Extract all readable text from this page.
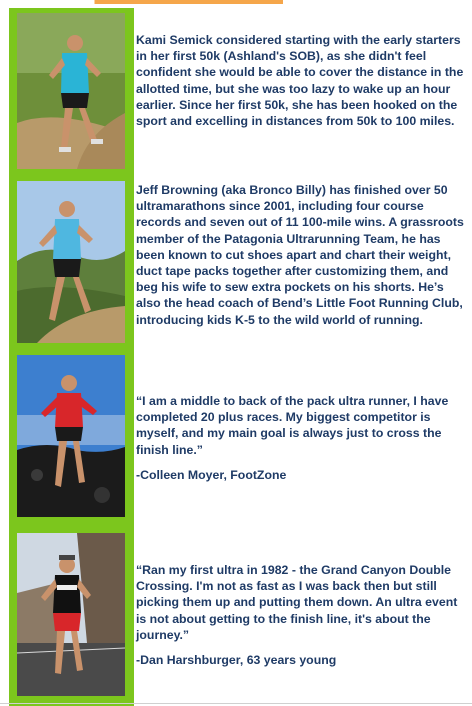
Kami Semick considered starting with the early starters in her first 50k (Ashland's SOB), as she didn't feel confident she would be able to cover the distance in the allotted time, but she was too lazy to wake up an hour earlier. Since her first 50k, she has been hooked on the sport and excelling in distances from 50k to 100 miles.

Jeff Browning (aka Bronco Billy) has finished over 50 ultramarathons since 2001, including four course records and seven out of 11 100-mile wins. A grassroots member of the Patagonia Ultrarunning Team, he has been known to cut shoes apart and chart their weight, duct tape packs together after customizing them, and beg his wife to sew extra pockets on his shorts. He’s also the head coach of Bend’s Little Foot Running Club, introducing kids K-5 to the wild world of running.

“I am a middle to back of the pack ultra runner, I have completed 20 plus races. My biggest competitor is myself, and my main goal is always just to cross the finish line.”

-Colleen Moyer, FootZone

“Ran my first ultra in 1982 - the Grand Canyon Double Crossing. I'm not as fast as I was back then but still picking them up and putting them down. An ultra event is not about getting to the finish line, it's about the journey.”

-Dan Harshburger, 63 years young
